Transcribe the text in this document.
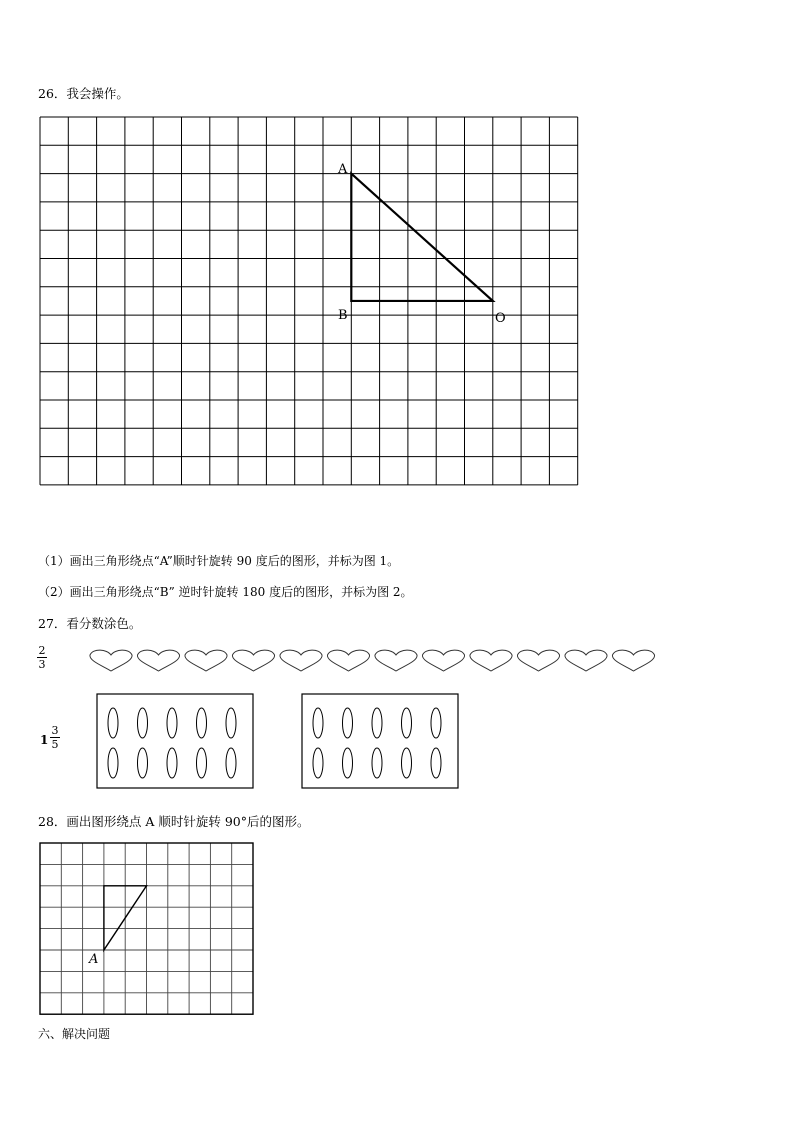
26．我会操作。
A
B	O
（1）画出三角形绕点“A”顺时针旋转 90 度后的图形，并标为图 1。
（2）画出三角形绕点“B” 逆时针旋转 180 度后的图形，并标为图 2。
27．看分数涂色。
2
3
1
3
5
28．画出图形绕点 A 顺时针旋转 90°后的图形。
A
六、解决问题
